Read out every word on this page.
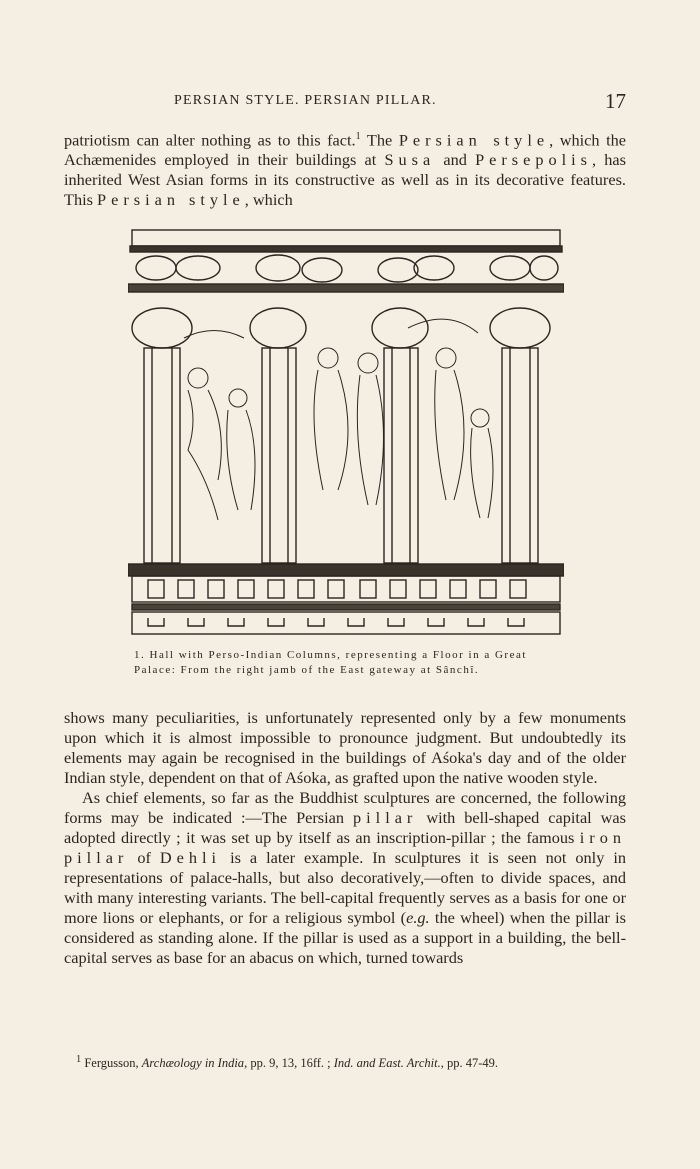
PERSIAN STYLE. PERSIAN PILLAR.	17

patriotism can alter nothing as to this fact.$^1$ The Persian style, which the Achæmenides employed in their buildings at Susa and Persepolis, has inherited West Asian forms in its constructive as well as in its decorative features. This Persian style, which

1. Hall with Perso-Indian Columns, representing a Floor in a Great Palace: From the right jamb of the East gateway at Sânchî.

shows many peculiarities, is unfortunately represented only by a few monuments upon which it is almost impossible to pronounce judgment. But undoubtedly its elements may again be recognised in the buildings of Aśoka's day and of the older Indian style, dependent on that of Aśoka, as grafted upon the native wooden style.

As chief elements, so far as the Buddhist sculptures are concerned, the following forms may be indicated :—The Persian pillar with bell-shaped capital was adopted directly ; it was set up by itself as an inscription-pillar ; the famous iron pillar of Dehli is a later example. In sculptures it is seen not only in representations of palace-halls, but also decoratively,—often to divide spaces, and with many interesting variants. The bell-capital frequently serves as a basis for one or more lions or elephants, or for a religious symbol (e.g. the wheel) when the pillar is considered as standing alone. If the pillar is used as a support in a building, the bell-capital serves as base for an abacus on which, turned towards

$^1$ Fergusson, Archæology in India, pp. 9, 13, 16ff. ; Ind. and East. Archit., pp. 47-49.
